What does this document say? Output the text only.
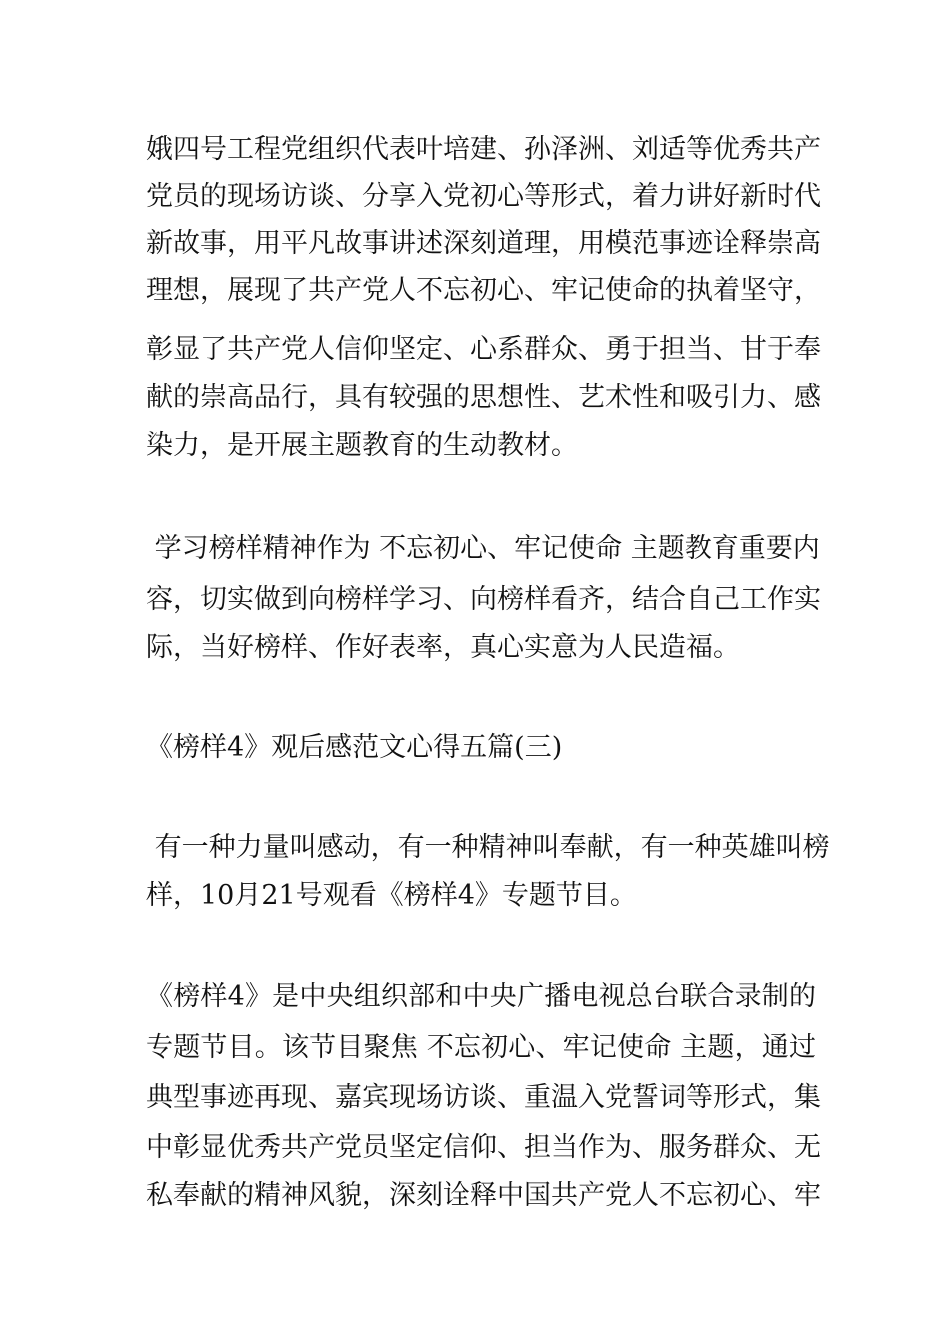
娥四号工程党组织代表叶培建、孙泽洲、刘适等优秀共产
党员的现场访谈、分享入党初心等形式，着力讲好新时代
新故事，用平凡故事讲述深刻道理，用模范事迹诠释崇高
理想，展现了共产党人不忘初心、牢记使命的执着坚守，
彰显了共产党人信仰坚定、心系群众、勇于担当、甘于奉
献的崇高品行，具有较强的思想性、艺术性和吸引力、感
染力，是开展主题教育的生动教材。
学习榜样精神作为 不忘初心、牢记使命 主题教育重要内
容，切实做到向榜样学习、向榜样看齐，结合自己工作实
际，当好榜样、作好表率，真心实意为人民造福。
《榜样4》观后感范文心得五篇(三)
有一种力量叫感动，有一种精神叫奉献，有一种英雄叫榜
样，10月21号观看《榜样4》专题节目。
《榜样4》是中央组织部和中央广播电视总台联合录制的
专题节目。该节目聚焦 不忘初心、牢记使命 主题，通过
典型事迹再现、嘉宾现场访谈、重温入党誓词等形式，集
中彰显优秀共产党员坚定信仰、担当作为、服务群众、无
私奉献的精神风貌，深刻诠释中国共产党人不忘初心、牢
